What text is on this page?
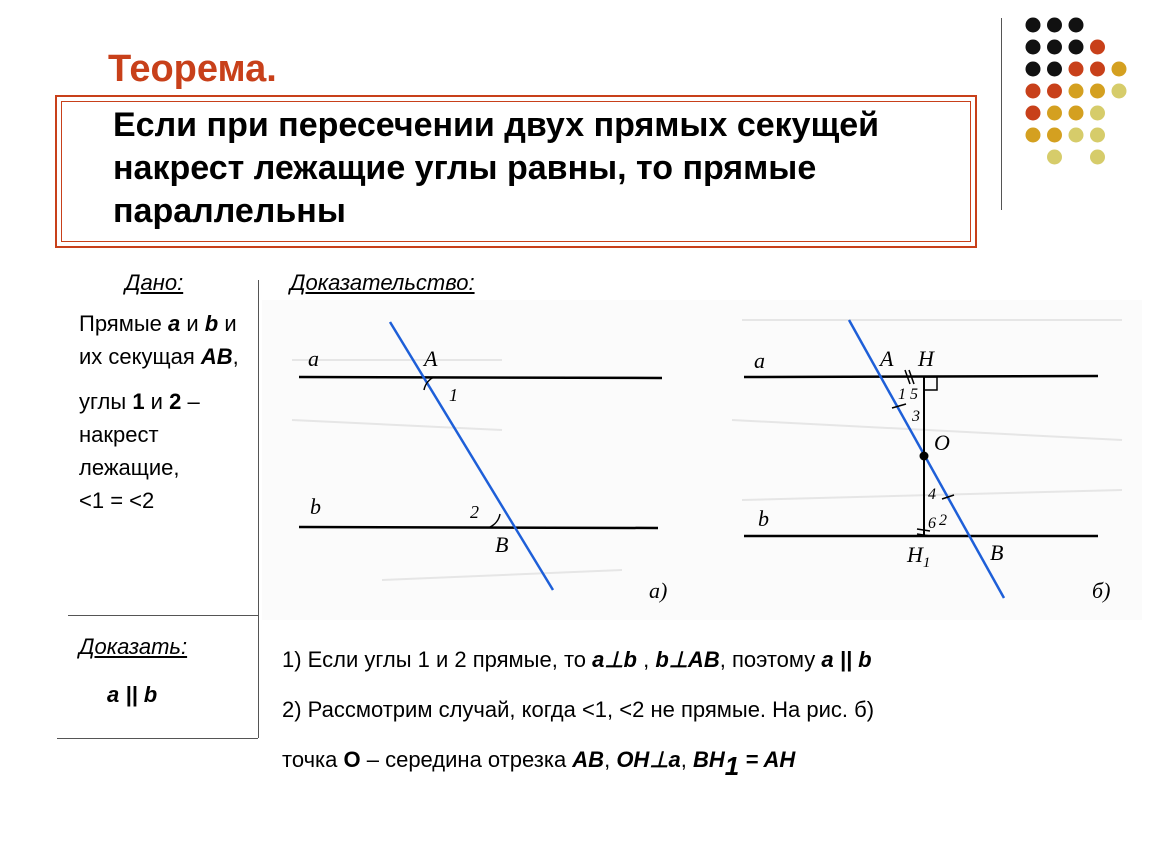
Теорема.
Если при пересечении двух прямых секущей накрест лежащие углы равны, то прямые параллельны
Дано:
Прямые a и b и их секущая AB,
углы 1 и 2 – накрест лежащие,
<1 = <2
Доказать:
a || b
Доказательство:
a
b
A
B
1
2
а)
a
b
A H
O
B
$H_1$
1 5
3
4
6 2
б)
1) Если углы 1 и 2 прямые, то a⊥b , b⊥AB, поэтому a || b
2) Рассмотрим случай, когда <1, <2 не прямые. На рис. б)
точка O – середина отрезка AB, OH⊥a, $BH_1$ = AH
